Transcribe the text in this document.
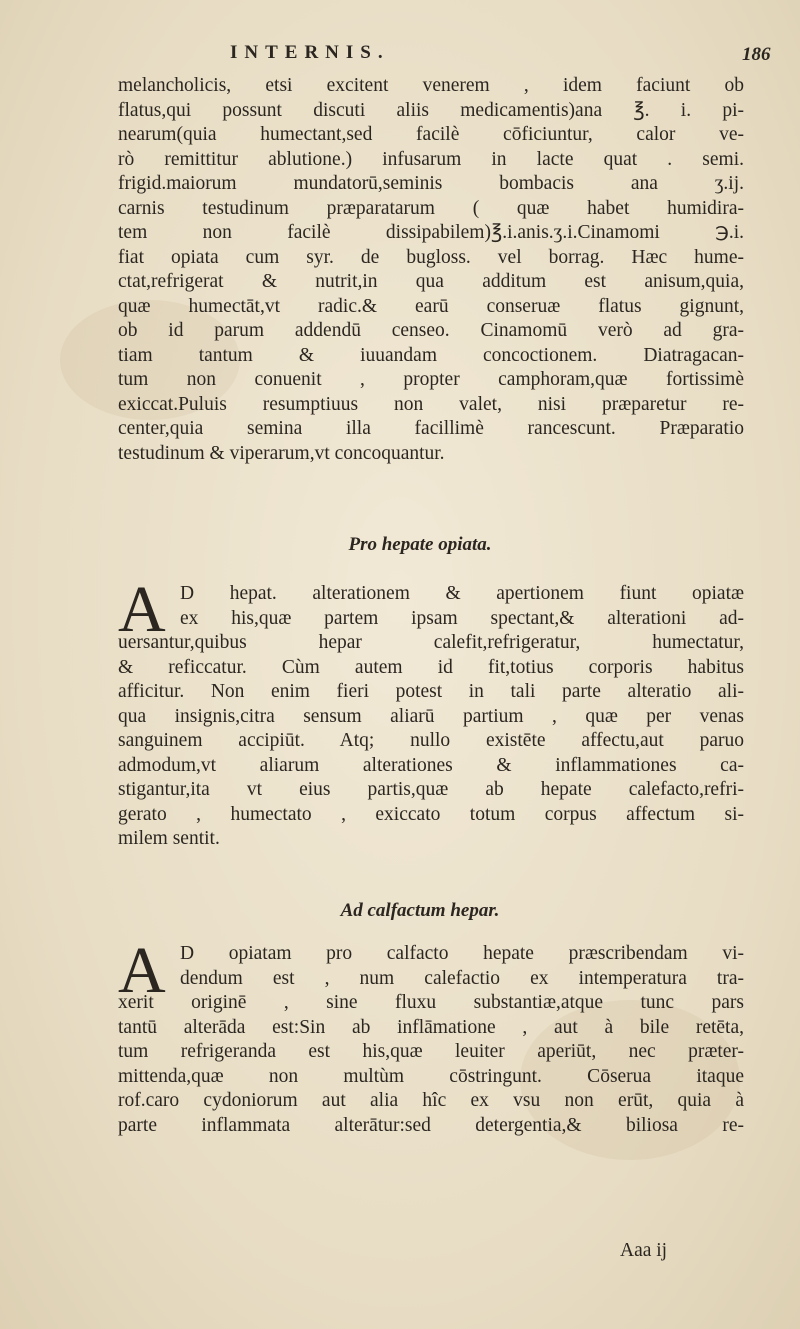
INTERNIS.	186
melancholicis, etsi excitent venerem , idem faciunt ob
flatus,qui possunt discuti aliis medicamentis)ana ℥. i. pi-
nearum(quia humectant,sed facilè cōficiuntur, calor ve-
rò remittitur ablutione.) infusarum in lacte quat . semi.
frigid.maiorum mundatorū,seminis bombacis ana ʒ.ij.
carnis testudinum præparatarum ( quæ habet humidira-
tem non facilè dissipabilem)℥.i.anis.ʒ.i.Cinamomi ℈.i.
fiat opiata cum syr. de bugloss. vel borrag. Hæc hume-
ctat,refrigerat & nutrit,in qua additum est anisum,quia,
quæ humectāt,vt radic.& earū conseruæ flatus gignunt,
ob id parum addendū censeo. Cinamomū verò ad gra-
tiam tantum & iuuandam concoctionem. Diatragacan-
tum non conuenit , propter camphoram,quæ fortissimè
exiccat.Puluis resumptiuus non valet, nisi præparetur re-
center,quia semina illa facillimè rancescunt. Præparatio
testudinum & viperarum,vt concoquantur.
Pro hepate opiata.
A D hepat. alterationem & apertionem fiunt opiatæ
ex his,quæ partem ipsam spectant,& alterationi ad-
uersantur,quibus hepar calefit,refrigeratur, humectatur,
& reficcatur. Cùm autem id fit,totius corporis habitus
afficitur. Non enim fieri potest in tali parte alteratio ali-
qua insignis,citra sensum aliarū partium , quæ per venas
sanguinem accipiūt. Atq; nullo existēte affectu,aut paruo
admodum,vt aliarum alterationes & inflammationes ca-
stigantur,ita vt eius partis,quæ ab hepate calefacto,refri-
gerato , humectato , exiccato totum corpus affectum si-
milem sentit.
Ad calfactum hepar.
A D opiatam pro calfacto hepate præscribendam vi-
dendum est , num calefactio ex intemperatura tra-
xerit originē , sine fluxu substantiæ,atque tunc pars
tantū alterāda est:Sin ab inflāmatione , aut à bile retēta,
tum refrigeranda est his,quæ leuiter aperiūt, nec præter-
mittenda,quæ non multùm cōstringunt. Cōserua itaque
rof.caro cydoniorum aut alia hîc ex vsu non erūt, quia à
parte inflammata alterātur:sed detergentia,& biliosa re-
Aaa ij
